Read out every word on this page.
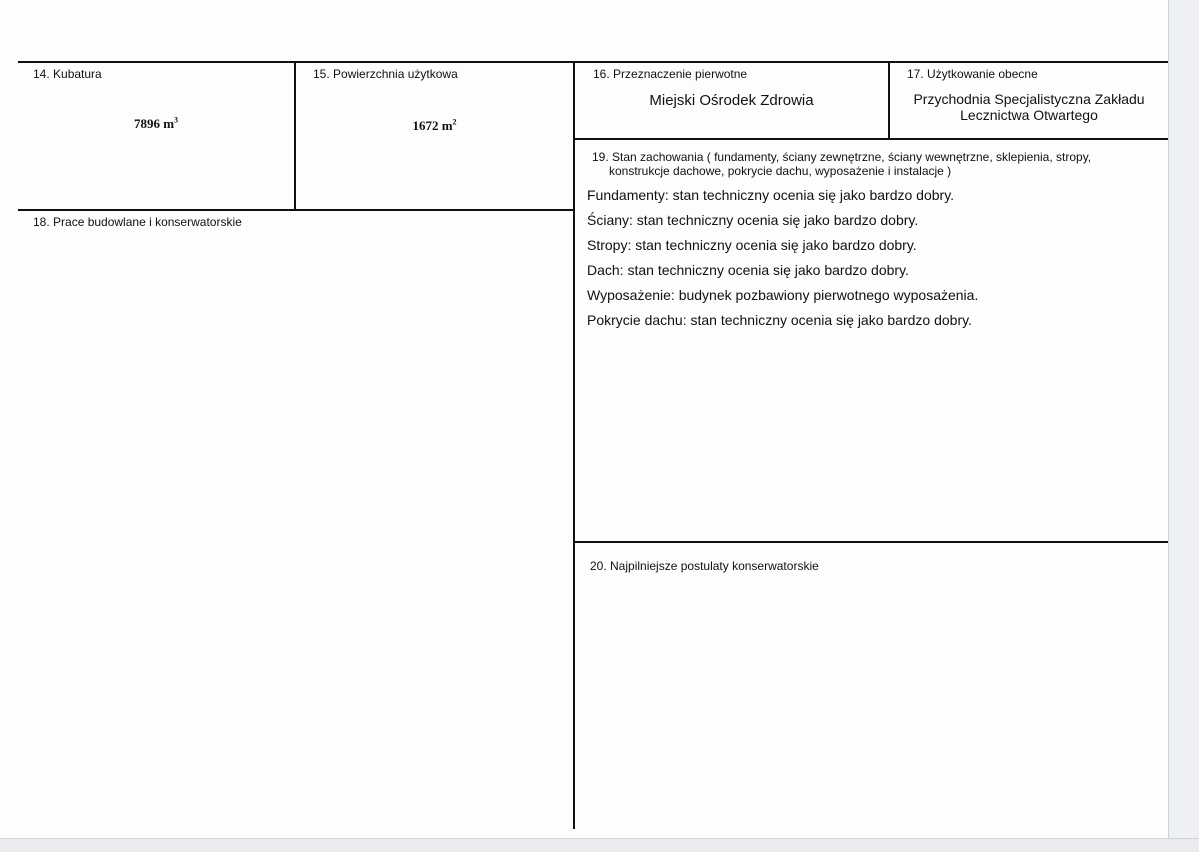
14. Kubatura
7896 $m^3$
15. Powierzchnia użytkowa
1672 $m^2$
16. Przeznaczenie pierwotne
Miejski Ośrodek Zdrowia
17. Użytkowanie obecne
Przychodnia Specjalistyczna Zakładu
Lecznictwa Otwartego
18. Prace budowlane i konserwatorskie
19. Stan zachowania ( fundamenty, ściany zewnętrzne, ściany wewnętrzne, sklepienia, stropy,
konstrukcje dachowe, pokrycie dachu, wyposażenie i instalacje )
Fundamenty: stan techniczny ocenia się jako bardzo dobry.
Ściany: stan techniczny ocenia się jako bardzo dobry.
Stropy: stan techniczny ocenia się jako bardzo dobry.
Dach: stan techniczny ocenia się jako bardzo dobry.
Wyposażenie: budynek pozbawiony pierwotnego wyposażenia.
Pokrycie dachu: stan techniczny ocenia się jako bardzo dobry.
20. Najpilniejsze postulaty konserwatorskie
